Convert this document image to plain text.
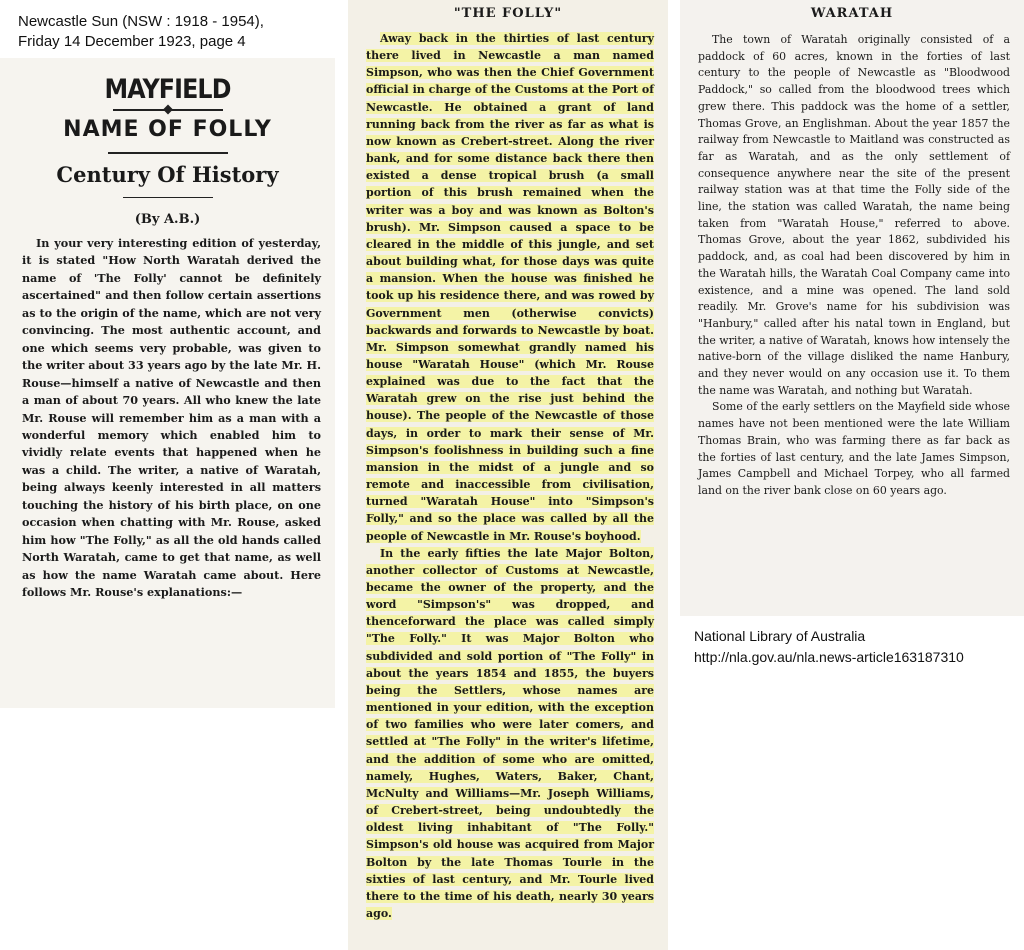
Newcastle Sun (NSW : 1918 - 1954),
Friday 14 December 1923, page 4
MAYFIELD
NAME OF FOLLY
Century Of History
(By A.B.)

In your very interesting edition of yesterday, it is stated "How North Waratah derived the name of 'The Folly' cannot be definitely ascertained" and then follow certain assertions as to the origin of the name, which are not very convincing. The most authentic account, and one which seems very probable, was given to the writer about 33 years ago by the late Mr. H. Rouse—himself a native of Newcastle and then a man of about 70 years. All who knew the late Mr. Rouse will remember him as a man with a wonderful memory which enabled him to vividly relate events that happened when he was a child. The writer, a native of Waratah, being always keenly interested in all matters touching the history of his birth place, on one occasion when chatting with Mr. Rouse, asked him how "The Folly," as all the old hands called North Waratah, came to get that name, as well as how the name Waratah came about. Here follows Mr. Rouse's explanations:—

"THE FOLLY"

Away back in the thirties of last century there lived in Newcastle a man named Simpson, who was then the Chief Government official in charge of the Customs at the Port of Newcastle. He obtained a grant of land running back from the river as far as what is now known as Crebert-street. Along the river bank, and for some distance back there then existed a dense tropical brush (a small portion of this brush remained when the writer was a boy and was known as Bolton's brush). Mr. Simpson caused a space to be cleared in the middle of this jungle, and set about building what, for those days was quite a mansion. When the house was finished he took up his residence there, and was rowed by Government men (otherwise convicts) backwards and forwards to Newcastle by boat. Mr. Simpson somewhat grandly named his house "Waratah House" (which Mr. Rouse explained was due to the fact that the Waratah grew on the rise just behind the house). The people of the Newcastle of those days, in order to mark their sense of Mr. Simpson's foolishness in building such a fine mansion in the midst of a jungle and so remote and inaccessible from civilisation, turned "Waratah House" into "Simpson's Folly," and so the place was called by all the people of Newcastle in Mr. Rouse's boyhood.

In the early fifties the late Major Bolton, another collector of Customs at Newcastle, became the owner of the property, and the word "Simpson's" was dropped, and thenceforward the place was called simply "The Folly." It was Major Bolton who subdivided and sold portion of "The Folly" in about the years 1854 and 1855, the buyers being the Settlers, whose names are mentioned in your edition, with the exception of two families who were later comers, and settled at "The Folly" in the writer's lifetime, and the addition of some who are omitted, namely, Hughes, Waters, Baker, Chant, McNulty and Williams—Mr. Joseph Williams, of Crebert-street, being undoubtedly the oldest living inhabitant of "The Folly." Simpson's old house was acquired from Major Bolton by the late Thomas Tourle in the sixties of last century, and Mr. Tourle lived there to the time of his death, nearly 30 years ago.

WARATAH

The town of Waratah originally consisted of a paddock of 60 acres, known in the forties of last century to the people of Newcastle as "Bloodwood Paddock," so called from the bloodwood trees which grew there. This paddock was the home of a settler, Thomas Grove, an Englishman. About the year 1857 the railway from Newcastle to Maitland was constructed as far as Waratah, and as the only settlement of consequence anywhere near the site of the present railway station was at that time the Folly side of the line, the station was called Waratah, the name being taken from "Waratah House," referred to above. Thomas Grove, about the year 1862, subdivided his paddock, and, as coal had been discovered by him in the Waratah hills, the Waratah Coal Company came into existence, and a mine was opened. The land sold readily. Mr. Grove's name for his subdivision was "Hanbury," called after his natal town in England, but the writer, a native of Waratah, knows how intensely the native-born of the village disliked the name Hanbury, and they never would on any occasion use it. To them the name was Waratah, and nothing but Waratah.

Some of the early settlers on the Mayfield side whose names have not been mentioned were the late William Thomas Brain, who was farming there as far back as the forties of last century, and the late James Simpson, James Campbell and Michael Torpey, who all farmed land on the river bank close on 60 years ago.

National Library of Australia
http://nla.gov.au/nla.news-article163187310
